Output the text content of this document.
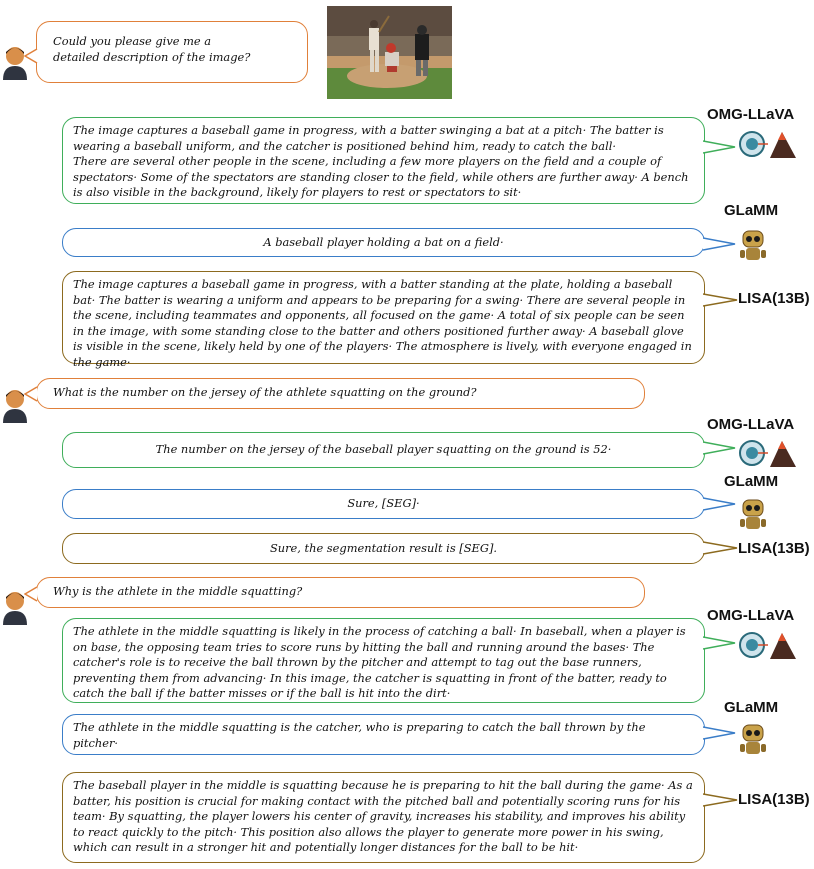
Could you please give me a
detailed description of the image?
The image captures a baseball game in progress, with a batter swinging a bat at a pitch· The batter is wearing a baseball uniform, and the catcher is positioned behind him, ready to catch the ball·
There are several other people in the scene, including a few more players on the field and a couple of spectators· Some of the spectators are standing closer to the field, while others are further away· A bench is also visible in the background, likely for players to rest or spectators to sit·
OMG-LLaVA
A baseball player holding a bat on a field·
GLaMM
The image captures a baseball game in progress, with a batter standing at the plate, holding a baseball bat· The batter is wearing a uniform and appears to be preparing for a swing· There are several people in the scene, including teammates and opponents, all focused on the game· A total of six people can be seen in the image, with some standing close to the batter and others positioned further away· A baseball glove is visible in the scene, likely held by one of the players· The atmosphere is lively, with everyone engaged in the game·
LISA(13B)
What is the number on the jersey of the athlete squatting on the ground?
The number on the jersey of the baseball player squatting on the ground is 52·
OMG-LLaVA
Sure, [SEG]·
GLaMM
Sure, the segmentation result is [SEG].	LISA(13B)
Why is the athlete in the middle squatting?
The athlete in the middle squatting is likely in the process of catching a ball· In baseball, when a player is on base, the opposing team tries to score runs by hitting the ball and running around the bases· The catcher's role is to receive the ball thrown by the pitcher and attempt to tag out the base runners, preventing them from advancing· In this image, the catcher is squatting in front of the batter, ready to catch the ball if the batter misses or if the ball is hit into the dirt·
OMG-LLaVA
The athlete in the middle squatting is the catcher, who is preparing to catch the ball thrown by the pitcher·
GLaMM
The baseball player in the middle is squatting because he is preparing to hit the ball during the game· As a batter, his position is crucial for making contact with the pitched ball and potentially scoring runs for his team· By squatting, the player lowers his center of gravity, increases his stability, and improves his ability to react quickly to the pitch· This position also allows the player to generate more power in his swing, which can result in a stronger hit and potentially longer distances for the ball to be hit·
LISA(13B)
